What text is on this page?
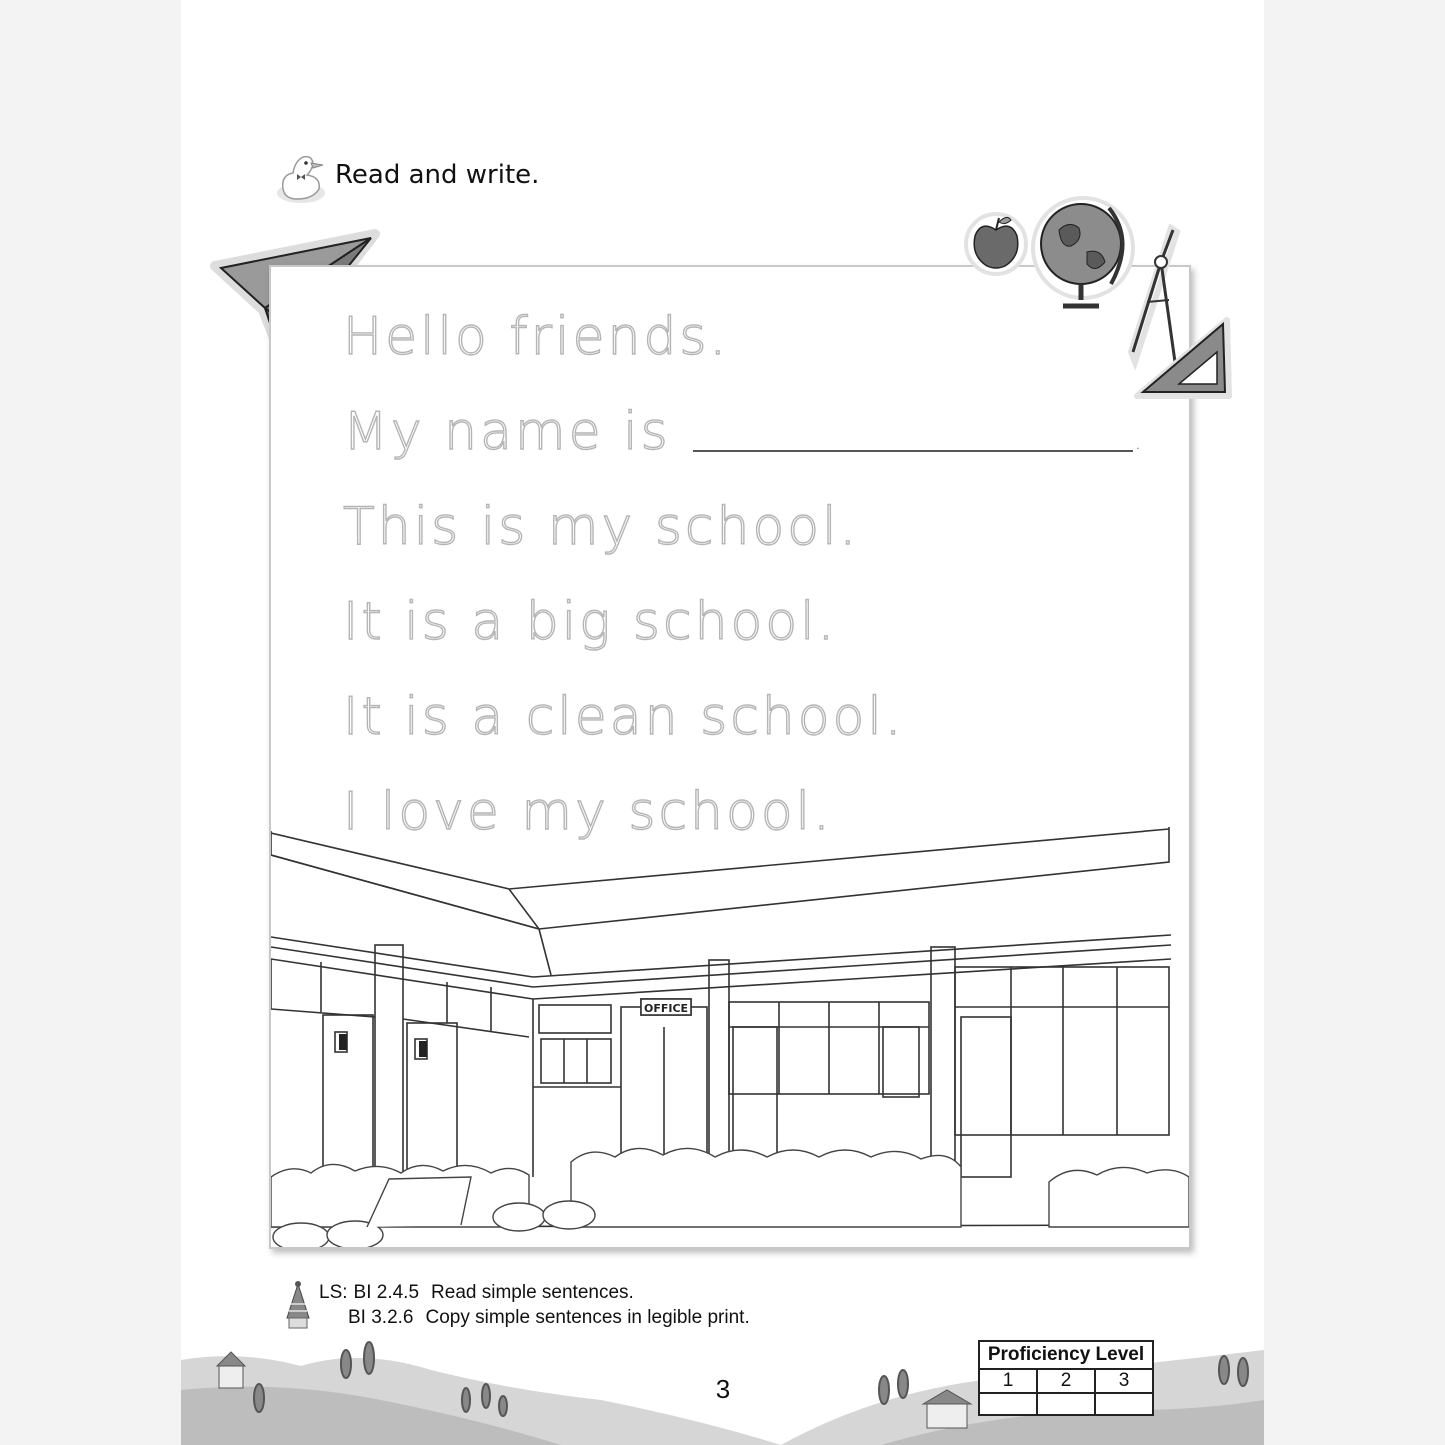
Read and write.
Hello friends.
My name is	.
This is my school.
It is a big school.
It is a clean school.
I love my school.
OFFICE
LS: BI 2.4.5 Read simple sentences.
BI 3.2.6 Copy simple sentences in legible print.
3
Proficiency Level		
1	2	3
